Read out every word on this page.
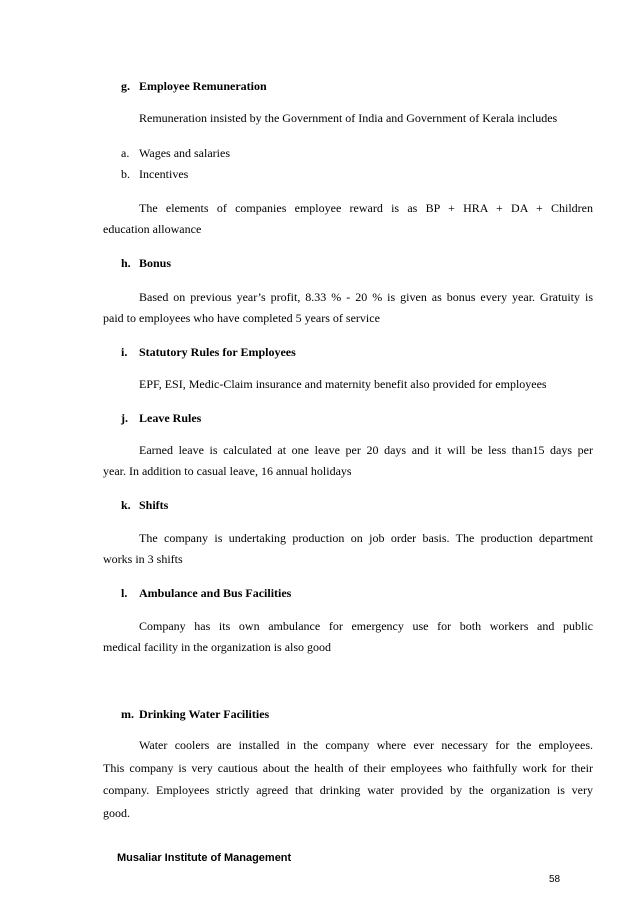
g. Employee Remuneration
Remuneration insisted by the Government of India and Government of Kerala includes
a. Wages and salaries
b. Incentives
The elements of companies employee reward is as BP + HRA + DA + Children
education allowance
h. Bonus
Based on previous year’s profit, 8.33 % - 20 % is given as bonus every year. Gratuity is
paid to employees who have completed 5 years of service
i. Statutory Rules for Employees
EPF, ESI, Medic-Claim insurance and maternity benefit also provided for employees
j. Leave Rules
Earned leave is calculated at one leave per 20 days and it will be less than15 days per
year. In addition to casual leave, 16 annual holidays
k. Shifts
The company is undertaking production on job order basis. The production department
works in 3 shifts
l. Ambulance and Bus Facilities
Company has its own ambulance for emergency use for both workers and public
medical facility in the organization is also good
m. Drinking Water Facilities
Water coolers are installed in the company where ever necessary for the employees.
This company is very cautious about the health of their employees who faithfully work for their
company. Employees strictly agreed that drinking water provided by the organization is very
good.
Musaliar Institute of Management
58
